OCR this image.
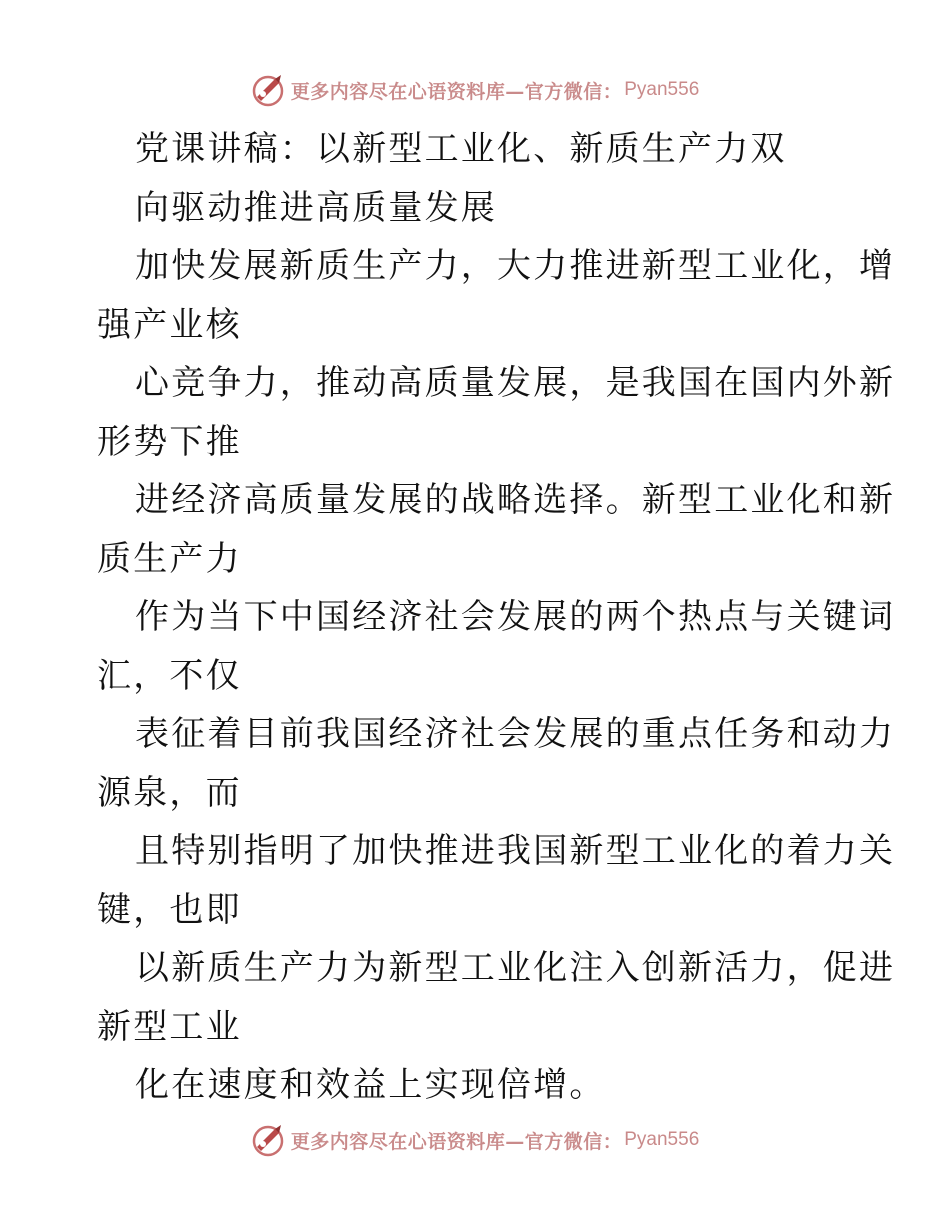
更多内容尽在心语资料库—官方微信： Pyan556
党课讲稿：以新型工业化、新质生产力双
向驱动推进高质量发展
加快发展新质生产力，大力推进新型工业化，增
强产业核
心竞争力，推动高质量发展，是我国在国内外新
形势下推
进经济高质量发展的战略选择。新型工业化和新
质生产力
作为当下中国经济社会发展的两个热点与关键词
汇，不仅
表征着目前我国经济社会发展的重点任务和动力
源泉，而
且特别指明了加快推进我国新型工业化的着力关
键，也即
以新质生产力为新型工业化注入创新活力，促进
新型工业
化在速度和效益上实现倍增。
更多内容尽在心语资料库—官方微信： Pyan556
